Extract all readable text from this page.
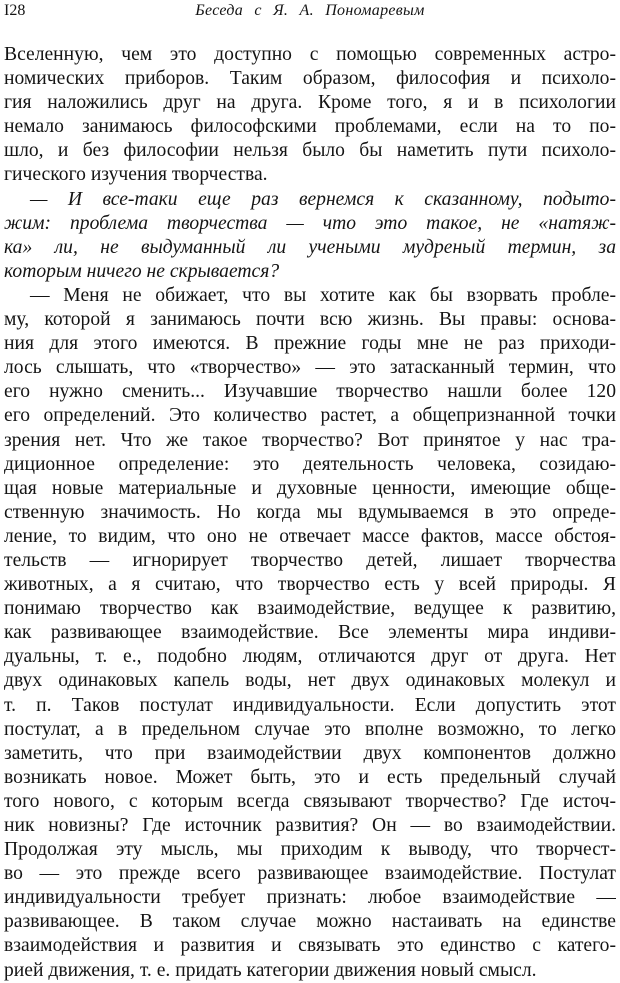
I28	Беседа с Я. А. Пономаревым
Вселенную, чем это доступно с помощью современных астро-
номических приборов. Таким образом, философия и психоло-
гия наложились друг на друга. Кроме того, я и в психологии
немало занимаюсь философскими проблемами, если на то по-
шло, и без философии нельзя было бы наметить пути психоло-
гического изучения творчества.
— И все-таки еще раз вернемся к сказанному, подыто-
жим: проблема творчества — что это такое, не «натяж-
ка» ли, не выдуманный ли учеными мудреный термин, за
которым ничего не скрывается?
— Меня не обижает, что вы хотите как бы взорвать пробле-
му, которой я занимаюсь почти всю жизнь. Вы правы: основа-
ния для этого имеются. В прежние годы мне не раз приходи-
лось слышать, что «творчество» — это затасканный термин, что
его нужно сменить... Изучавшие творчество нашли более 120
его определений. Это количество растет, а общепризнанной точки
зрения нет. Что же такое творчество? Вот принятое у нас тра-
диционное определение: это деятельность человека, созидаю-
щая новые материальные и духовные ценности, имеющие обще-
ственную значимость. Но когда мы вдумываемся в это опреде-
ление, то видим, что оно не отвечает массе фактов, массе обстоя-
тельств — игнорирует творчество детей, лишает творчества
животных, а я считаю, что творчество есть у всей природы. Я
понимаю творчество как взаимодействие, ведущее к развитию,
как развивающее взаимодействие. Все элементы мира индиви-
дуальны, т. е., подобно людям, отличаются друг от друга. Нет
двух одинаковых капель воды, нет двух одинаковых молекул и
т. п. Таков постулат индивидуальности. Если допустить этот
постулат, а в предельном случае это вполне возможно, то легко
заметить, что при взаимодействии двух компонентов должно
возникать новое. Может быть, это и есть предельный случай
того нового, с которым всегда связывают творчество? Где источ-
ник новизны? Где источник развития? Он — во взаимодействии.
Продолжая эту мысль, мы приходим к выводу, что творчест-
во — это прежде всего развивающее взаимодействие. Постулат
индивидуальности требует признать: любое взаимодействие —
развивающее. В таком случае можно настаивать на единстве
взаимодействия и развития и связывать это единство с катего-
рией движения, т. е. придать категории движения новый смысл.
